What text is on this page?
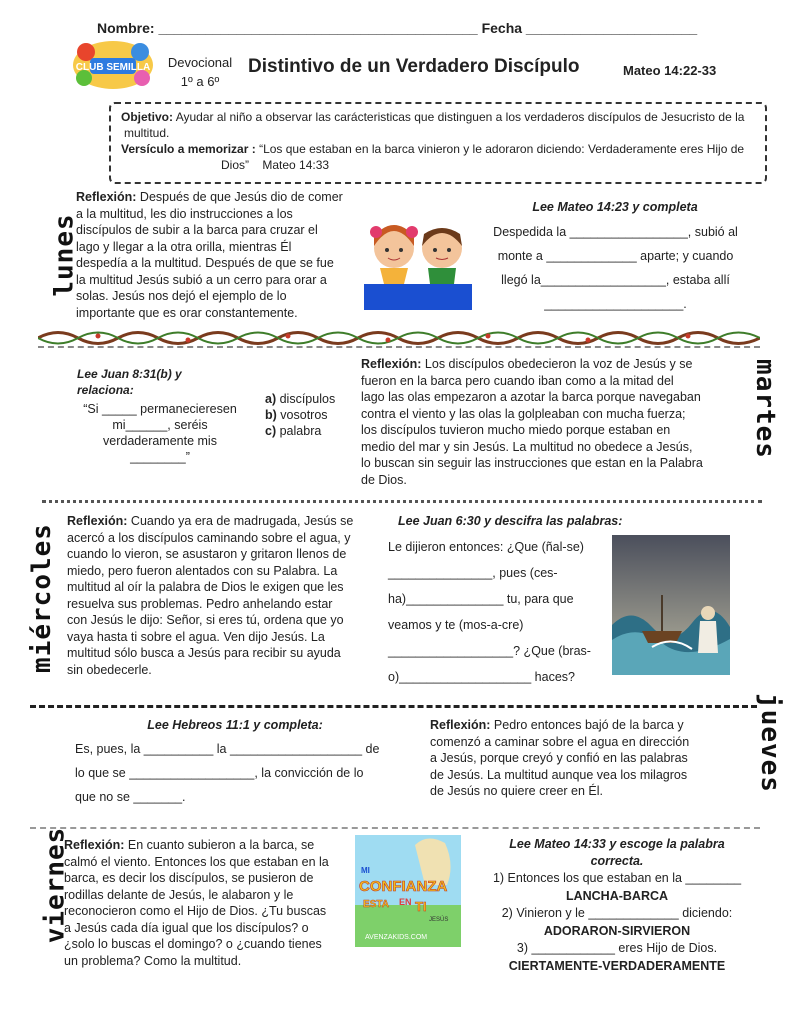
Nombre: _________________________________________ Fecha ______________________
CLUB SEMILLA	Devocional
1º a 6º
Distintivo de un Verdadero Discípulo	Mateo 14:22-33
Objetivo: Ayudar al niño a observar las carácteristicas que distinguen a los verdaderos discípulos de Jesucristo de la
multitud.
Versículo a memorizar : “Los que estaban en la barca vinieron y le adoraron diciendo: Verdaderamente eres Hijo de
Dios”    Mateo 14:33
lunes
Reflexión: Después de que Jesús dio de comer
a la multitud, les dio instrucciones a los
discípulos de subir a la barca para cruzar el
lago y llegar a la otra orilla, mientras Él
despedía a la multitud. Después de que se fue
la multitud Jesús subió a un cerro para orar a
solas. Jesús nos dejó el ejemplo de lo
importante que es orar constantemente.
Lee Mateo 14:23 y completa
Despedida la _________________, subió al
monte a _____________ aparte; y cuando
llegó la__________________, estaba allí
____________________.
Lee Juan 8:31(b) y
relaciona:
“Si _____ permanecieresen
mi______, seréis
verdaderamente mis
________”
a) discípulos
b) vosotros
c) palabra
Reflexión: Los discípulos obedecieron la voz de Jesús y se
fueron en la barca pero cuando iban como a la mitad del
lago las olas empezaron a azotar la barca porque navegaban
contra el viento y las olas la golpleaban con mucha fuerza;
los discípulos tuvieron mucho miedo porque estaban en
medio del mar y sin Jesús. La multitud no obedece a Jesús,
lo buscan sin seguir las instrucciones que estan en la Palabra
de Dios.
martes
miércoles
Reflexión: Cuando ya era de madrugada, Jesús se
acercó a los discípulos caminando sobre el agua, y
cuando lo vieron, se asustaron y gritaron llenos de
miedo, pero fueron alentados con su Palabra. La
multitud al oír la palabra de Dios le exigen que les
resuelva sus problemas. Pedro anhelando estar
con Jesús le dijo: Señor, si eres tú, ordena que yo
vaya hasta ti sobre el agua. Ven dijo Jesús. La
multitud sólo busca a Jesús para recibir su ayuda
sin obedecerle.
Lee Juan 6:30 y descifra las palabras:
Le dijieron entonces: ¿Que (ñal-se)
_______________, pues (ces-
ha)______________ tu, para que
veamos y te (mos-a-cre)
__________________? ¿Que (bras-
o)___________________ haces?
Lee Hebreos 11:1 y completa:
Es, pues, la __________ la ___________________ de
lo que se __________________, la convicción de lo
que no se _______.
Reflexión: Pedro entonces bajó de la barca y
comenzó a caminar sobre el agua en dirección
a Jesús, porque creyó y confió en las palabras
de Jesús. La multitud aunque vea los milagros
de Jesús no quiere creer en Él.	jueves
viernes
Reflexión: En cuanto subieron a la barca, se
calmó el viento. Entonces los que estaban en la
barca, es decir los discípulos, se pusieron de
rodillas delante de Jesús, le alabaron y le
reconocieron como el Hijo de Dios. ¿Tu buscas
a Jesús cada día igual que los discípulos? o
¿solo lo buscas el domingo? o ¿cuando tienes
un problema? Como la multitud.
MI
CONFIANZA
ESTA EN TI
JESÚS
AVENZAKIDS.COM
Lee Mateo 14:33 y escoge la palabra
correcta.
1) Entonces los que estaban en la ________
LANCHA-BARCA
2) Vinieron y le _____________ diciendo:
ADORARON-SIRVIERON
3) ____________ eres Hijo de Dios.
CIERTAMENTE-VERDADERAMENTE
